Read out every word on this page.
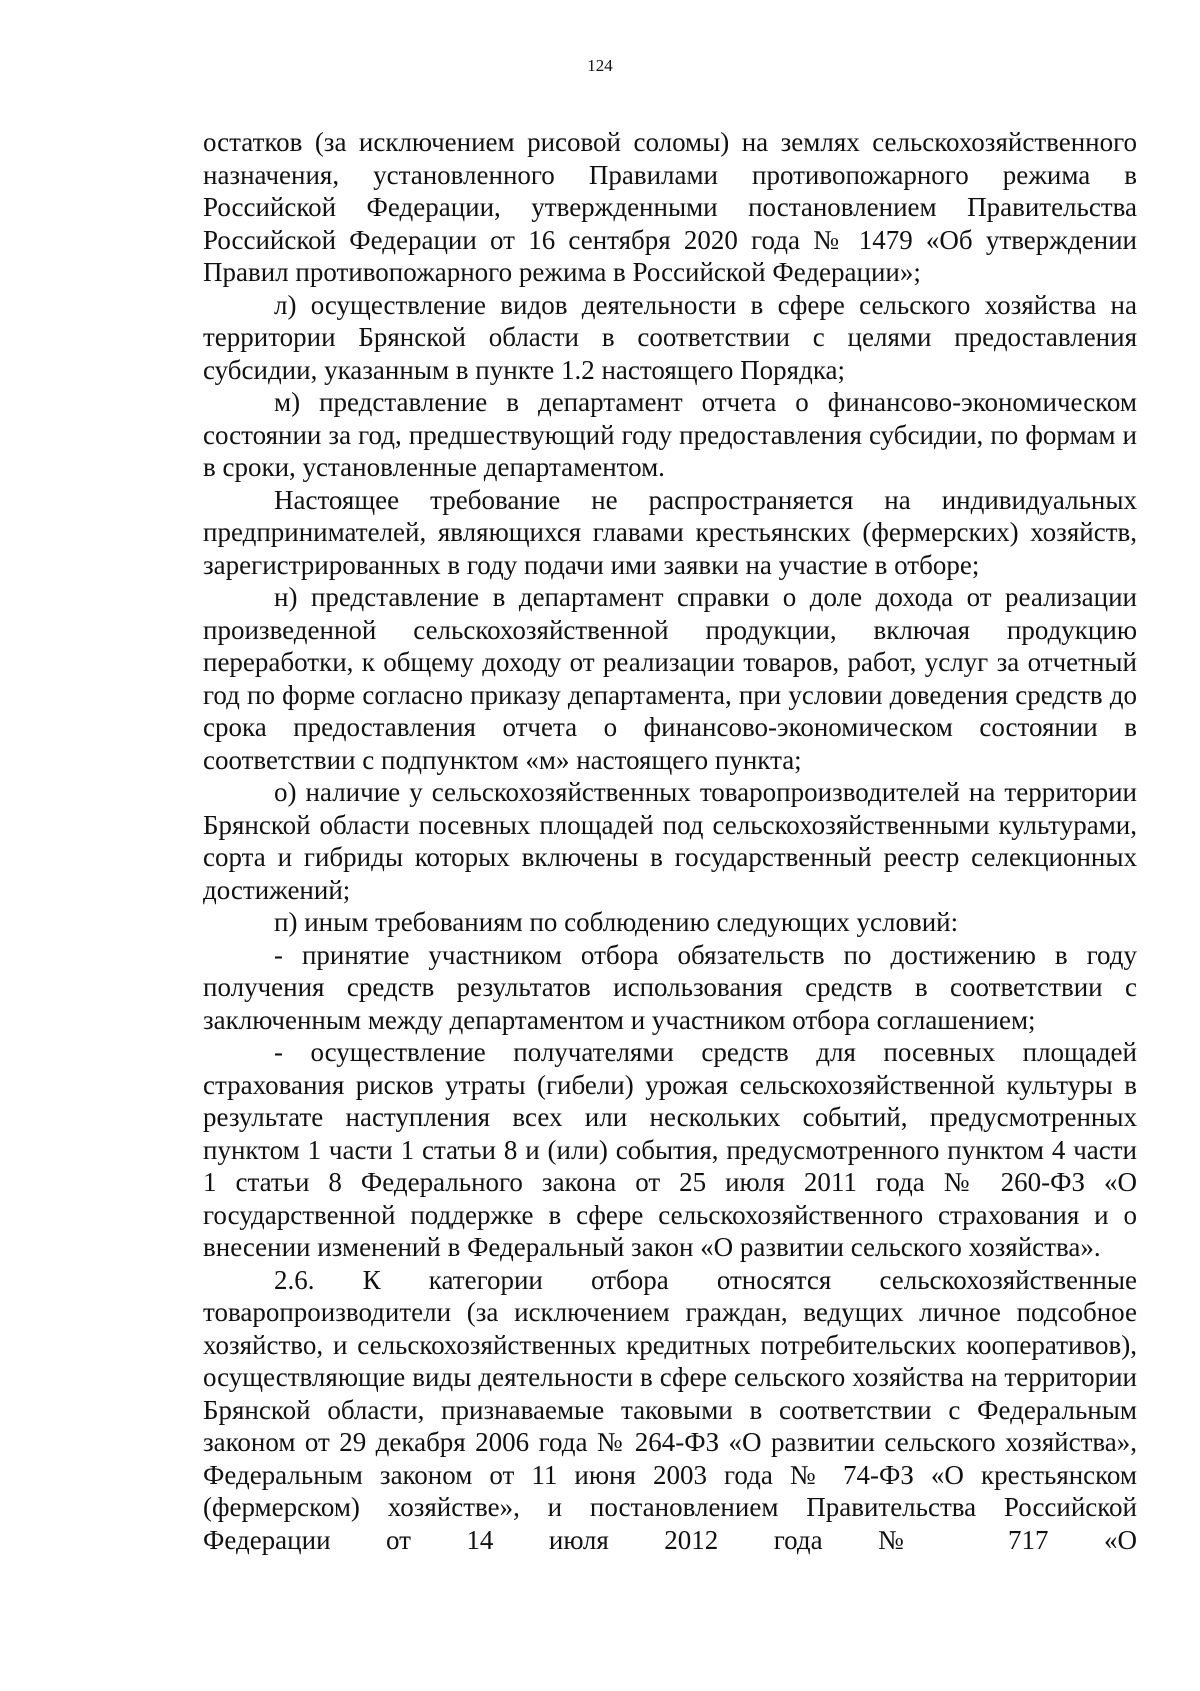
124

остатков (за исключением рисовой соломы) на землях сельскохозяйственного назначения, установленного Правилами противопожарного режима в Российской Федерации, утвержденными постановлением Правительства Российской Федерации от 16 сентября 2020 года № 1479 «Об утверждении Правил противопожарного режима в Российской Федерации»;

л) осуществление видов деятельности в сфере сельского хозяйства на территории Брянской области в соответствии с целями предоставления субсидии, указанным в пункте 1.2 настоящего Порядка;

м) представление в департамент отчета о финансово-экономическом состоянии за год, предшествующий году предоставления субсидии, по формам и в сроки, установленные департаментом.

Настоящее требование не распространяется на индивидуальных предпринимателей, являющихся главами крестьянских (фермерских) хозяйств, зарегистрированных в году подачи ими заявки на участие в отборе;

н) представление в департамент справки о доле дохода от реализации произведенной сельскохозяйственной продукции, включая продукцию переработки, к общему доходу от реализации товаров, работ, услуг за отчетный год по форме согласно приказу департамента, при условии доведения средств до срока предоставления отчета о финансово-экономическом состоянии в соответствии с подпунктом «м» настоящего пункта;

о) наличие у сельскохозяйственных товаропроизводителей на территории Брянской области посевных площадей под сельскохозяйственными культурами, сорта и гибриды которых включены в государственный реестр селекционных достижений;

п) иным требованиям по соблюдению следующих условий:

- принятие участником отбора обязательств по достижению в году получения средств результатов использования средств в соответствии с заключенным между департаментом и участником отбора соглашением;

- осуществление получателями средств для посевных площадей страхования рисков утраты (гибели) урожая сельскохозяйственной культуры в результате наступления всех или нескольких событий, предусмотренных пунктом 1 части 1 статьи 8 и (или) события, предусмотренного пунктом 4 части 1 статьи 8 Федерального закона от 25 июля 2011 года № 260-ФЗ «О государственной поддержке в сфере сельскохозяйственного страхования и о внесении изменений в Федеральный закон «О развитии сельского хозяйства».

2.6. К категории отбора относятся сельскохозяйственные товаропроизводители (за исключением граждан, ведущих личное подсобное хозяйство, и сельскохозяйственных кредитных потребительских кооперативов), осуществляющие виды деятельности в сфере сельского хозяйства на территории Брянской области, признаваемые таковыми в соответствии с Федеральным законом от 29 декабря 2006 года № 264-ФЗ «О развитии сельского хозяйства», Федеральным законом от 11 июня 2003 года № 74-ФЗ «О крестьянском (фермерском) хозяйстве», и постановлением Правительства Российской Федерации от 14 июля 2012 года № 717 «О
